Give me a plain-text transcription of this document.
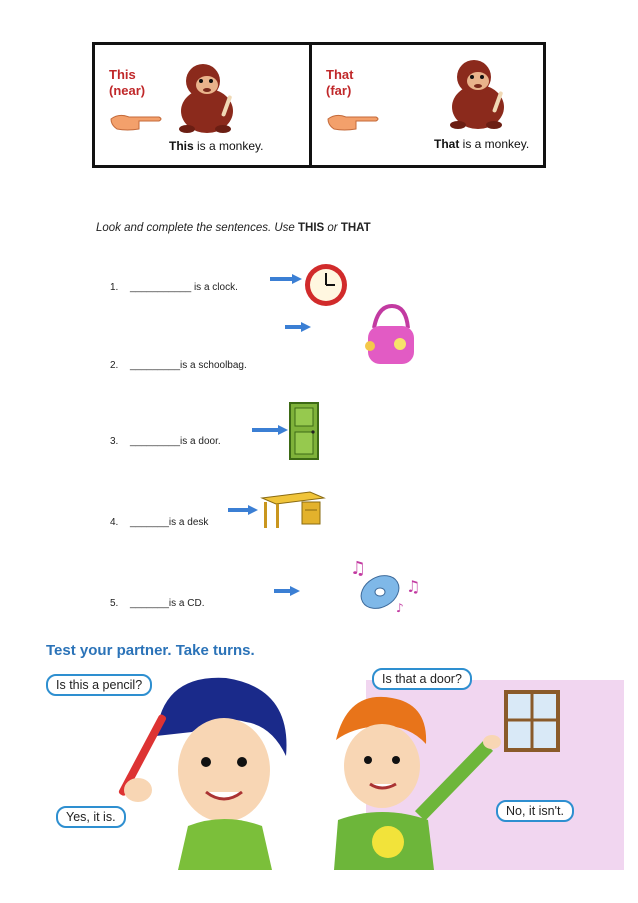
This
(near)
This is a monkey.
That
(far)
That is a monkey.
Look and complete the sentences. Use THIS or THAT
1. ___________ is a clock.
2. _________is a schoolbag.
3. _________is a door.
4. _______is a desk
5. _______is a CD.
♫
♫
♪
Test your partner. Take turns.
Is this a pencil?
Yes, it is.
Is that a door?
No, it isn't.
